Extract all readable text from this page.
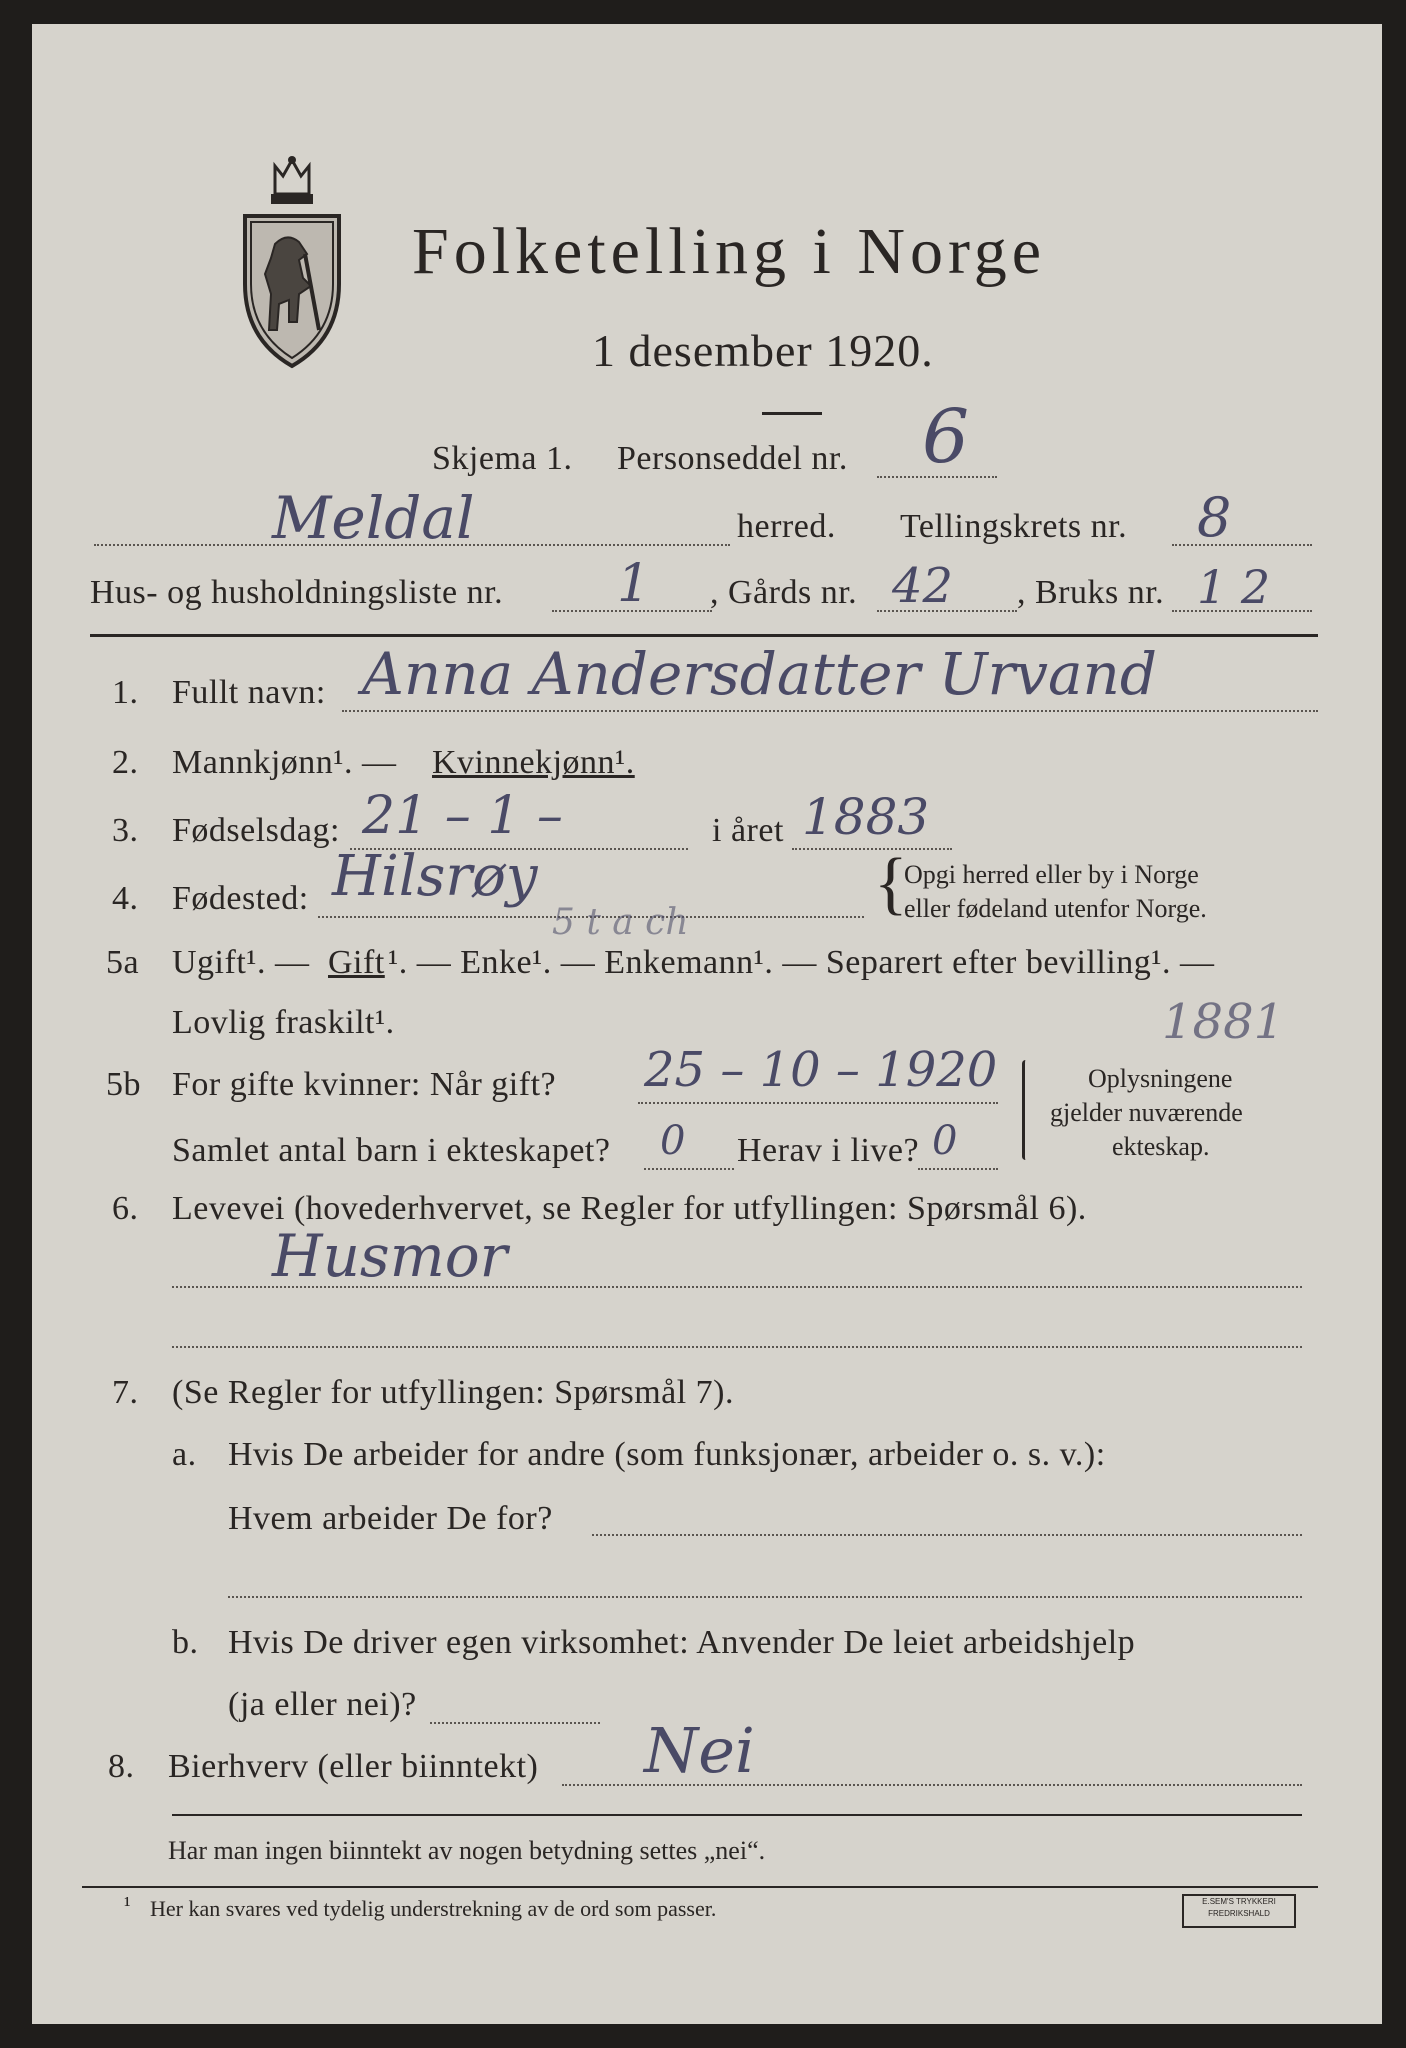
Folketelling i Norge
1 desember 1920.
Skjema 1. Personseddel nr. 6
Meldal	herred. Tellingskrets nr. 8
Hus- og husholdningsliste nr. 1 , Gårds nr. 42 , Bruks nr. 1 2
1. Fullt navn: Anna Andersdatter Urvand
2. Mannkjønn¹. — Kvinnekjønn¹.
3. Fødselsdag: 21 – 1 –	i året 1883
4. Fødested: Hilsrøy
5 t a ch
{
Opgi herred eller by i Norge
eller fødeland utenfor Norge.
5a Ugift¹. — Gift ¹. — Enke¹. — Enkemann¹. — Separert efter bevilling¹. —
Lovlig fraskilt¹.
5b For gifte kvinner: Når gift? 25 – 10 – 1920
1881
Samlet antal barn i ekteskapet? 0 Herav i live? 0
Oplysningene
gjelder nuværende
ekteskap.
6. Levevei (hovederhvervet, se Regler for utfyllingen: Spørsmål 6).
Husmor
7. (Se Regler for utfyllingen: Spørsmål 7).
a. Hvis De arbeider for andre (som funksjonær, arbeider o. s. v.):
Hvem arbeider De for?
b. Hvis De driver egen virksomhet: Anvender De leiet arbeidshjelp
(ja eller nei)?
8. Bierhverv (eller biinntekt) Nei
Har man ingen biinntekt av nogen betydning settes „nei“.
¹ Her kan svares ved tydelig understrekning av de ord som passer.	E.SEM'S TRYKKERI
FREDRIKSHALD
